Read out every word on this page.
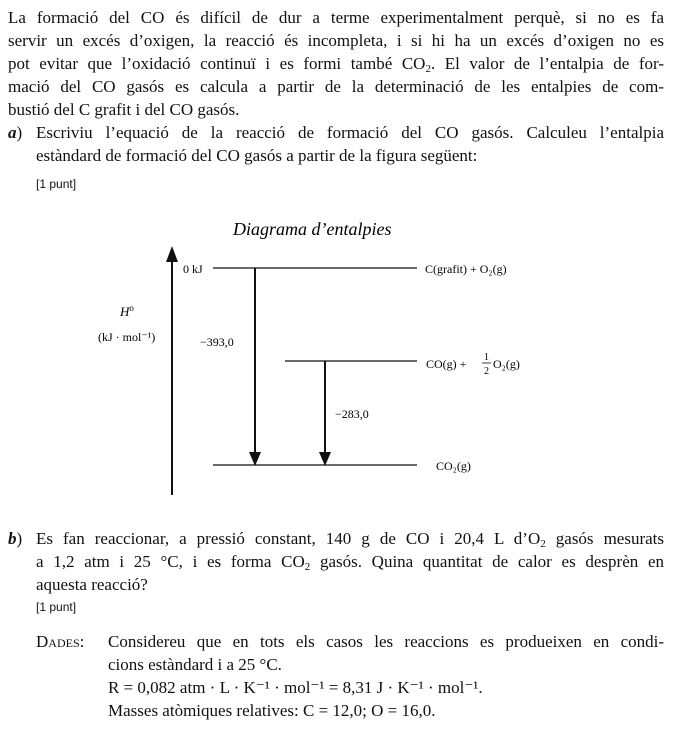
La formació del CO és difícil de dur a terme experimentalment perquè, si no es fa
servir un excés d’oxigen, la reacció és incompleta, i si hi ha un excés d’oxigen no es
pot evitar que l’oxidació continuï i es formi també $CO_2$. El valor de l’entalpia de for-
mació del CO gasós es calcula a partir de la determinació de les entalpies de com-
bustió del C grafit i del CO gasós.
a) Escriviu l’equació de la reacció de formació del CO gasós. Calculeu l’entalpia
estàndard de formació del CO gasós a partir de la figura següent:
[1 punt]
Diagrama d’entalpies
$H^o$
(kJ · mol⁻¹)
0 kJ	C(grafit) + O₂(g)
CO(g) + 1
2
O₂(g)
CO₂(g)
−393,0
−283,0
b) Es fan reaccionar, a pressió constant, 140 g de CO i 20,4 L $d’O_2$ gasós mesurats
a 1,2 atm i 25 °C, i es forma $CO_2$ gasós. Quina quantitat de calor es desprèn en
aquesta reacció?
[1 punt]
Dades: Considereu que en tots els casos les reaccions es produeixen en condi-
cions estàndard i a 25 °C.
R = 0,082 atm · L · K⁻¹ · mol⁻¹ = 8,31 J · K⁻¹ · mol⁻¹.
Masses atòmiques relatives: C = 12,0; O = 16,0.
